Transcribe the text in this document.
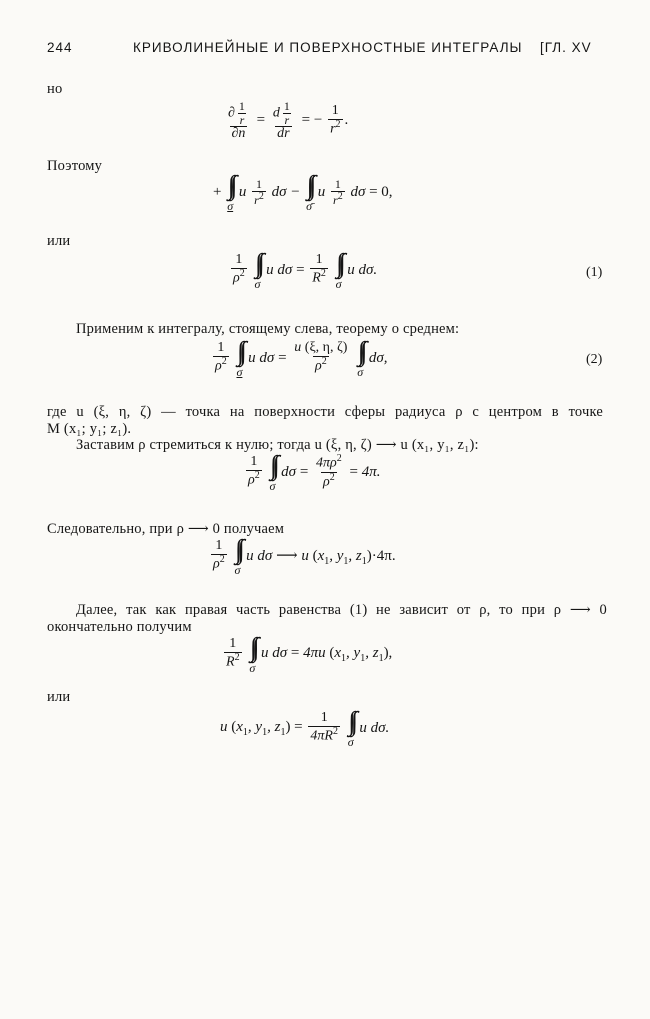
244	КРИВОЛИНЕЙНЫЕ И ПОВЕРХНОСТНЫЕ ИНТЕГРАЛЫ [ГЛ. XV
но
$\frac{\partial \frac{1}{r}}{\partial n} = \frac{d \frac{1}{r}}{dr}$ = − $\frac{1}{r^2}$ .
Поэтому
+ ∫∫
σ
u $\frac{1}{r^2}$ dσ − ∫∫
σ̄
u $\frac{1}{r^2}$ dσ = 0,
или
$\frac{1}{\rho^2}$
∫∫
σ
u $d\sigma = \frac{1}{R^2}$
∫∫
σ
u dσ.	(1)
Применим к интегралу, стоящему слева, теорему о среднем:
$\frac{1}{\rho^2}$
∫∫
σ
u $d\sigma = \frac{u (\xi, \eta, \zeta)}{\rho^2}$
∫∫
σ
dσ,	(2)
где u (ξ, η, ζ) — точка на поверхности сферы радиуса ρ с центром в точке
M (x₁; y₁; z₁).
Заставим ρ стремиться к нулю; тогда u (ξ, η, ζ) ⟶ u (x₁, y₁, z₁):
$\frac{1}{\rho^2}$
∫∫
σ
$d\sigma = \frac{4\pi\rho^2}{\rho^2} = 4\pi$.
Следовательно, при ρ ⟶ 0 получаем
$\frac{1}{\rho^2}$
∫∫
σ
u dσ ⟶ u ($x_1$, $y_1$, $z_1)\cdot 4\pi$.
Далее, так как правая часть равенства (1) не зависит от ρ, то при ρ ⟶ 0
окончательно получим
$\frac{1}{R^2}$
∫∫
σ
u dσ = 4πu ($x_1$, $y_1$, $z_1$),
или
u ($x_1$, $y_1$, $z_1) = \frac{1}{4\pi R^2}$
∫∫
σ
u dσ.
